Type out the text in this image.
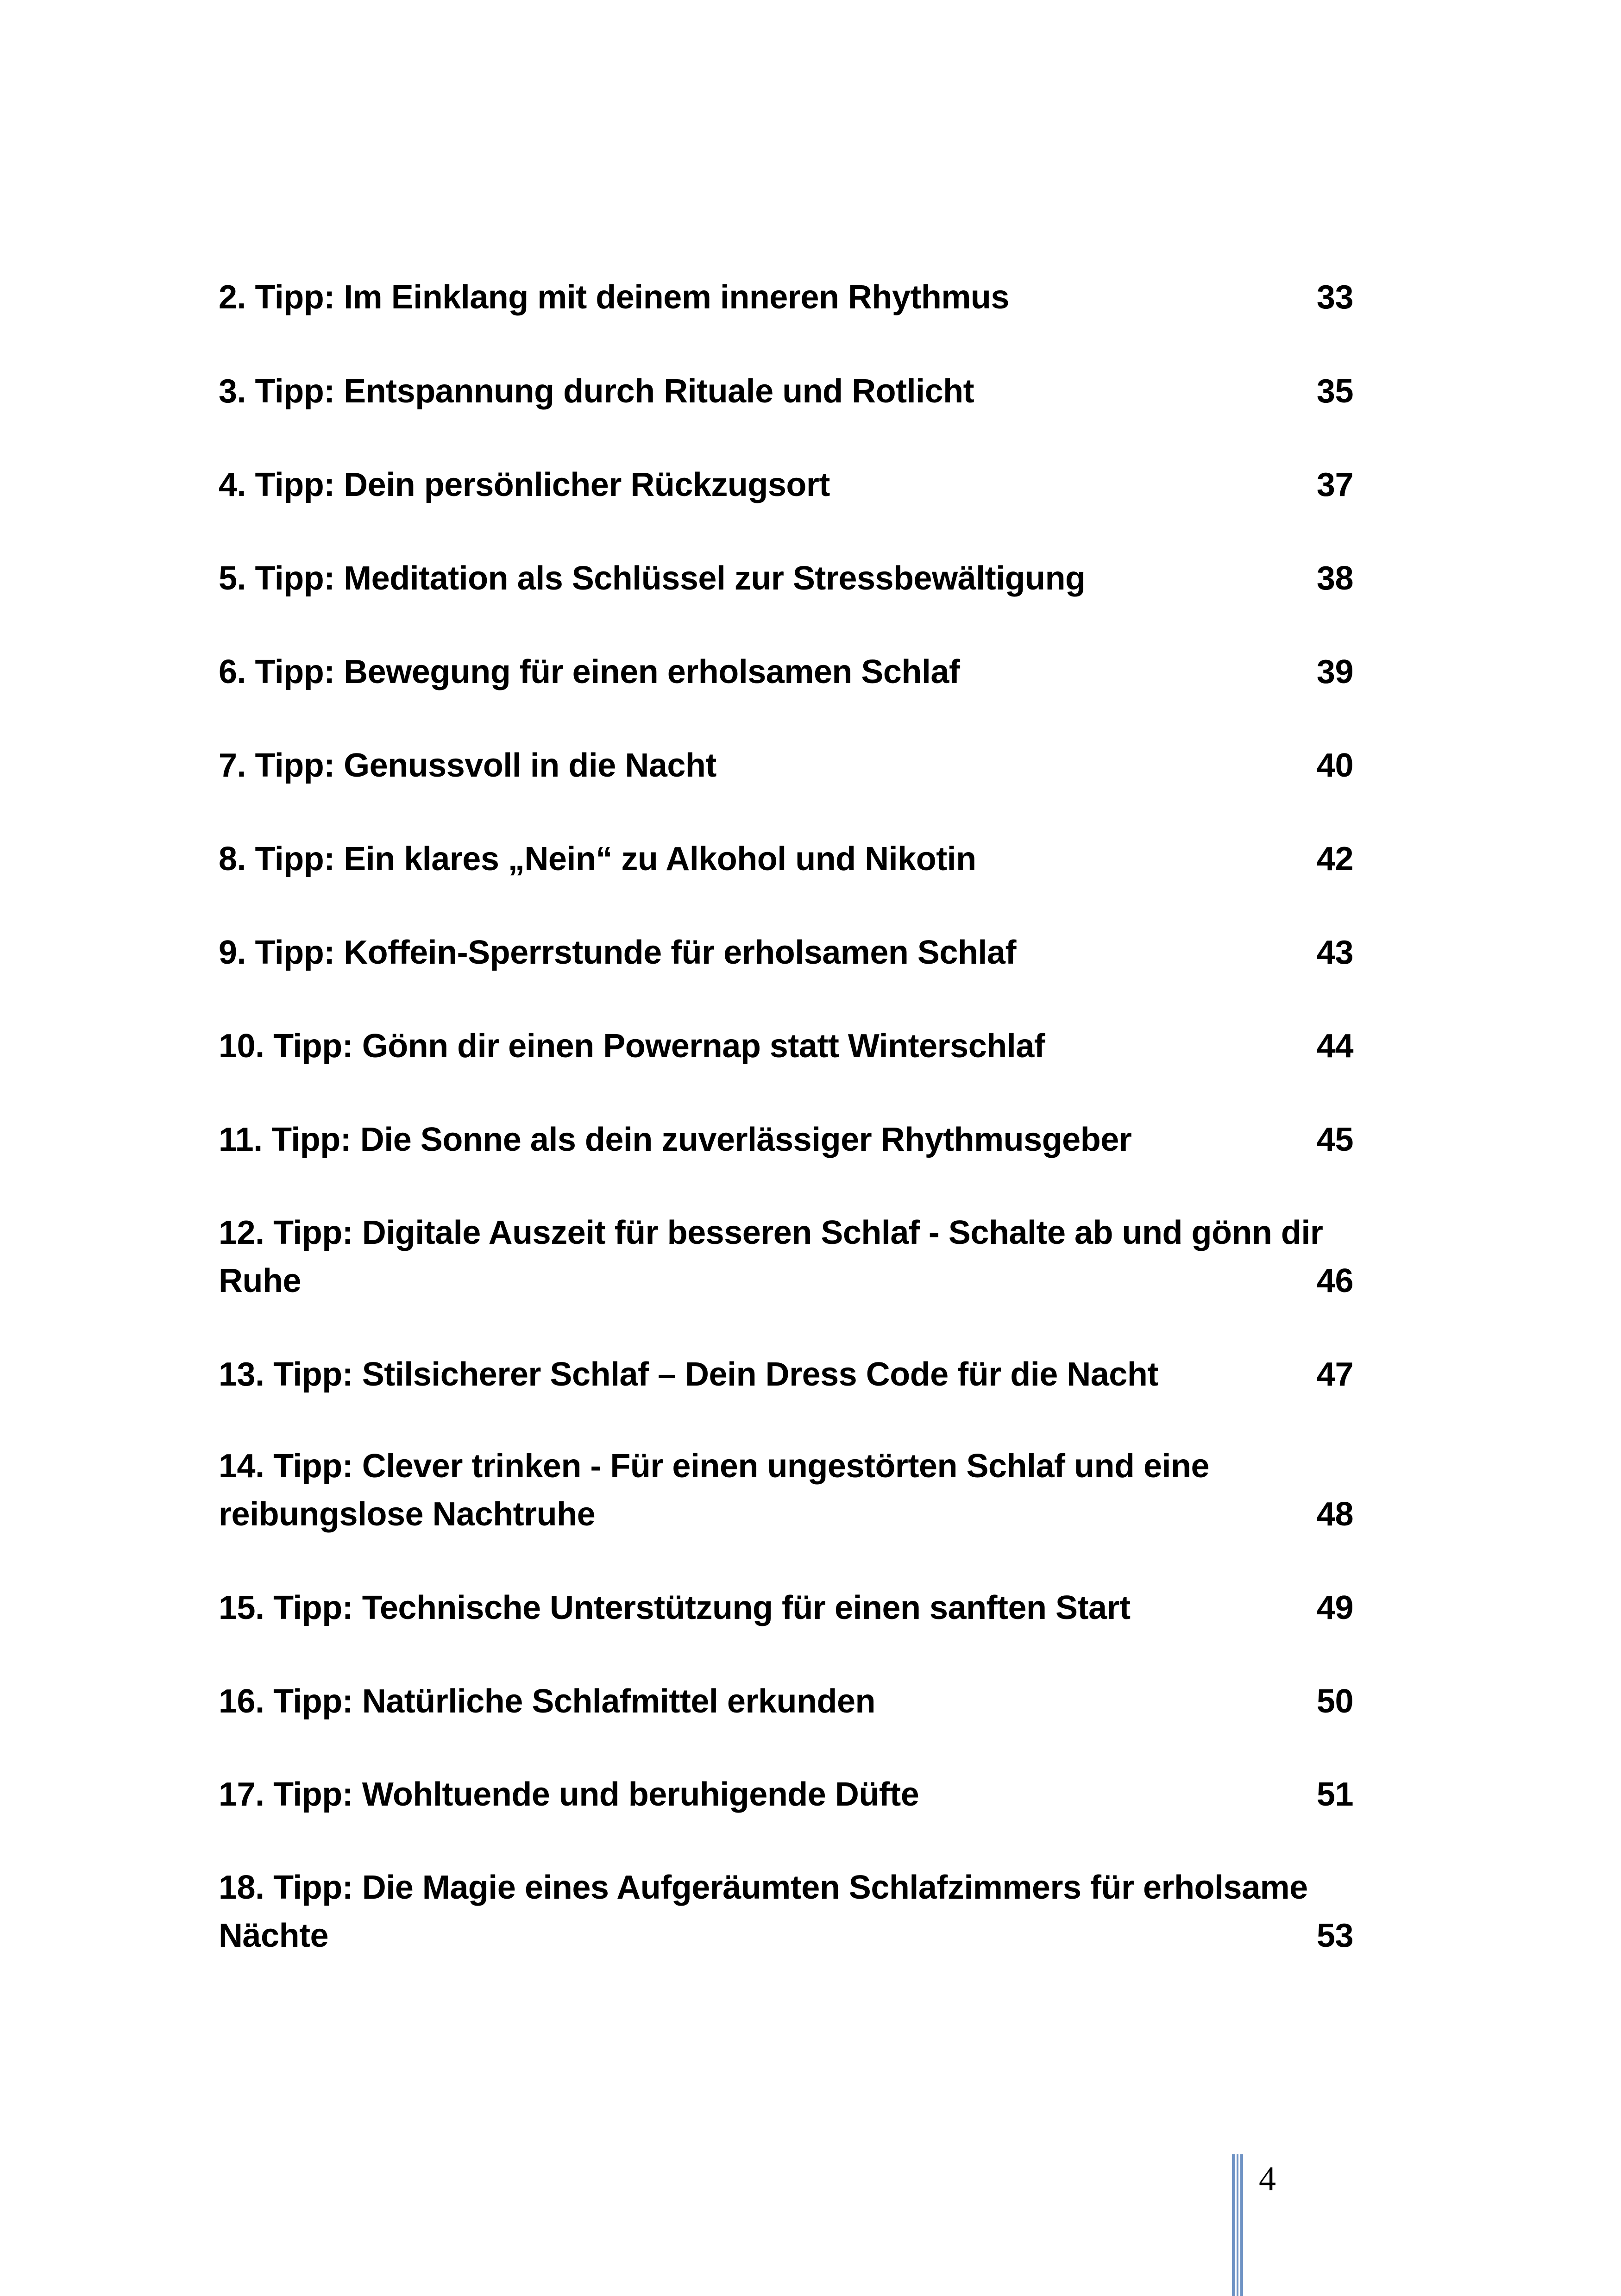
2. Tipp: Im Einklang mit deinem inneren Rhythmus	33
3. Tipp: Entspannung durch Rituale und Rotlicht	35
4. Tipp: Dein persönlicher Rückzugsort	37
5. Tipp: Meditation als Schlüssel zur Stressbewältigung	38
6. Tipp: Bewegung für einen erholsamen Schlaf	39
7. Tipp: Genussvoll in die Nacht	40
8. Tipp: Ein klares „Nein“ zu Alkohol und Nikotin	42
9. Tipp: Koffein-Sperrstunde für erholsamen Schlaf	43
10. Tipp: Gönn dir einen Powernap statt Winterschlaf	44
11. Tipp: Die Sonne als dein zuverlässiger Rhythmusgeber	45
12. Tipp: Digitale Auszeit für besseren Schlaf - Schalte ab und gönn dir
Ruhe	46
13. Tipp: Stilsicherer Schlaf – Dein Dress Code für die Nacht	47
14. Tipp: Clever trinken - Für einen ungestörten Schlaf und eine
reibungslose Nachtruhe	48
15. Tipp: Technische Unterstützung für einen sanften Start	49
16. Tipp: Natürliche Schlafmittel erkunden	50
17. Tipp: Wohltuende und beruhigende Düfte	51
18. Tipp: Die Magie eines Aufgeräumten Schlafzimmers für erholsame
Nächte	53
4
